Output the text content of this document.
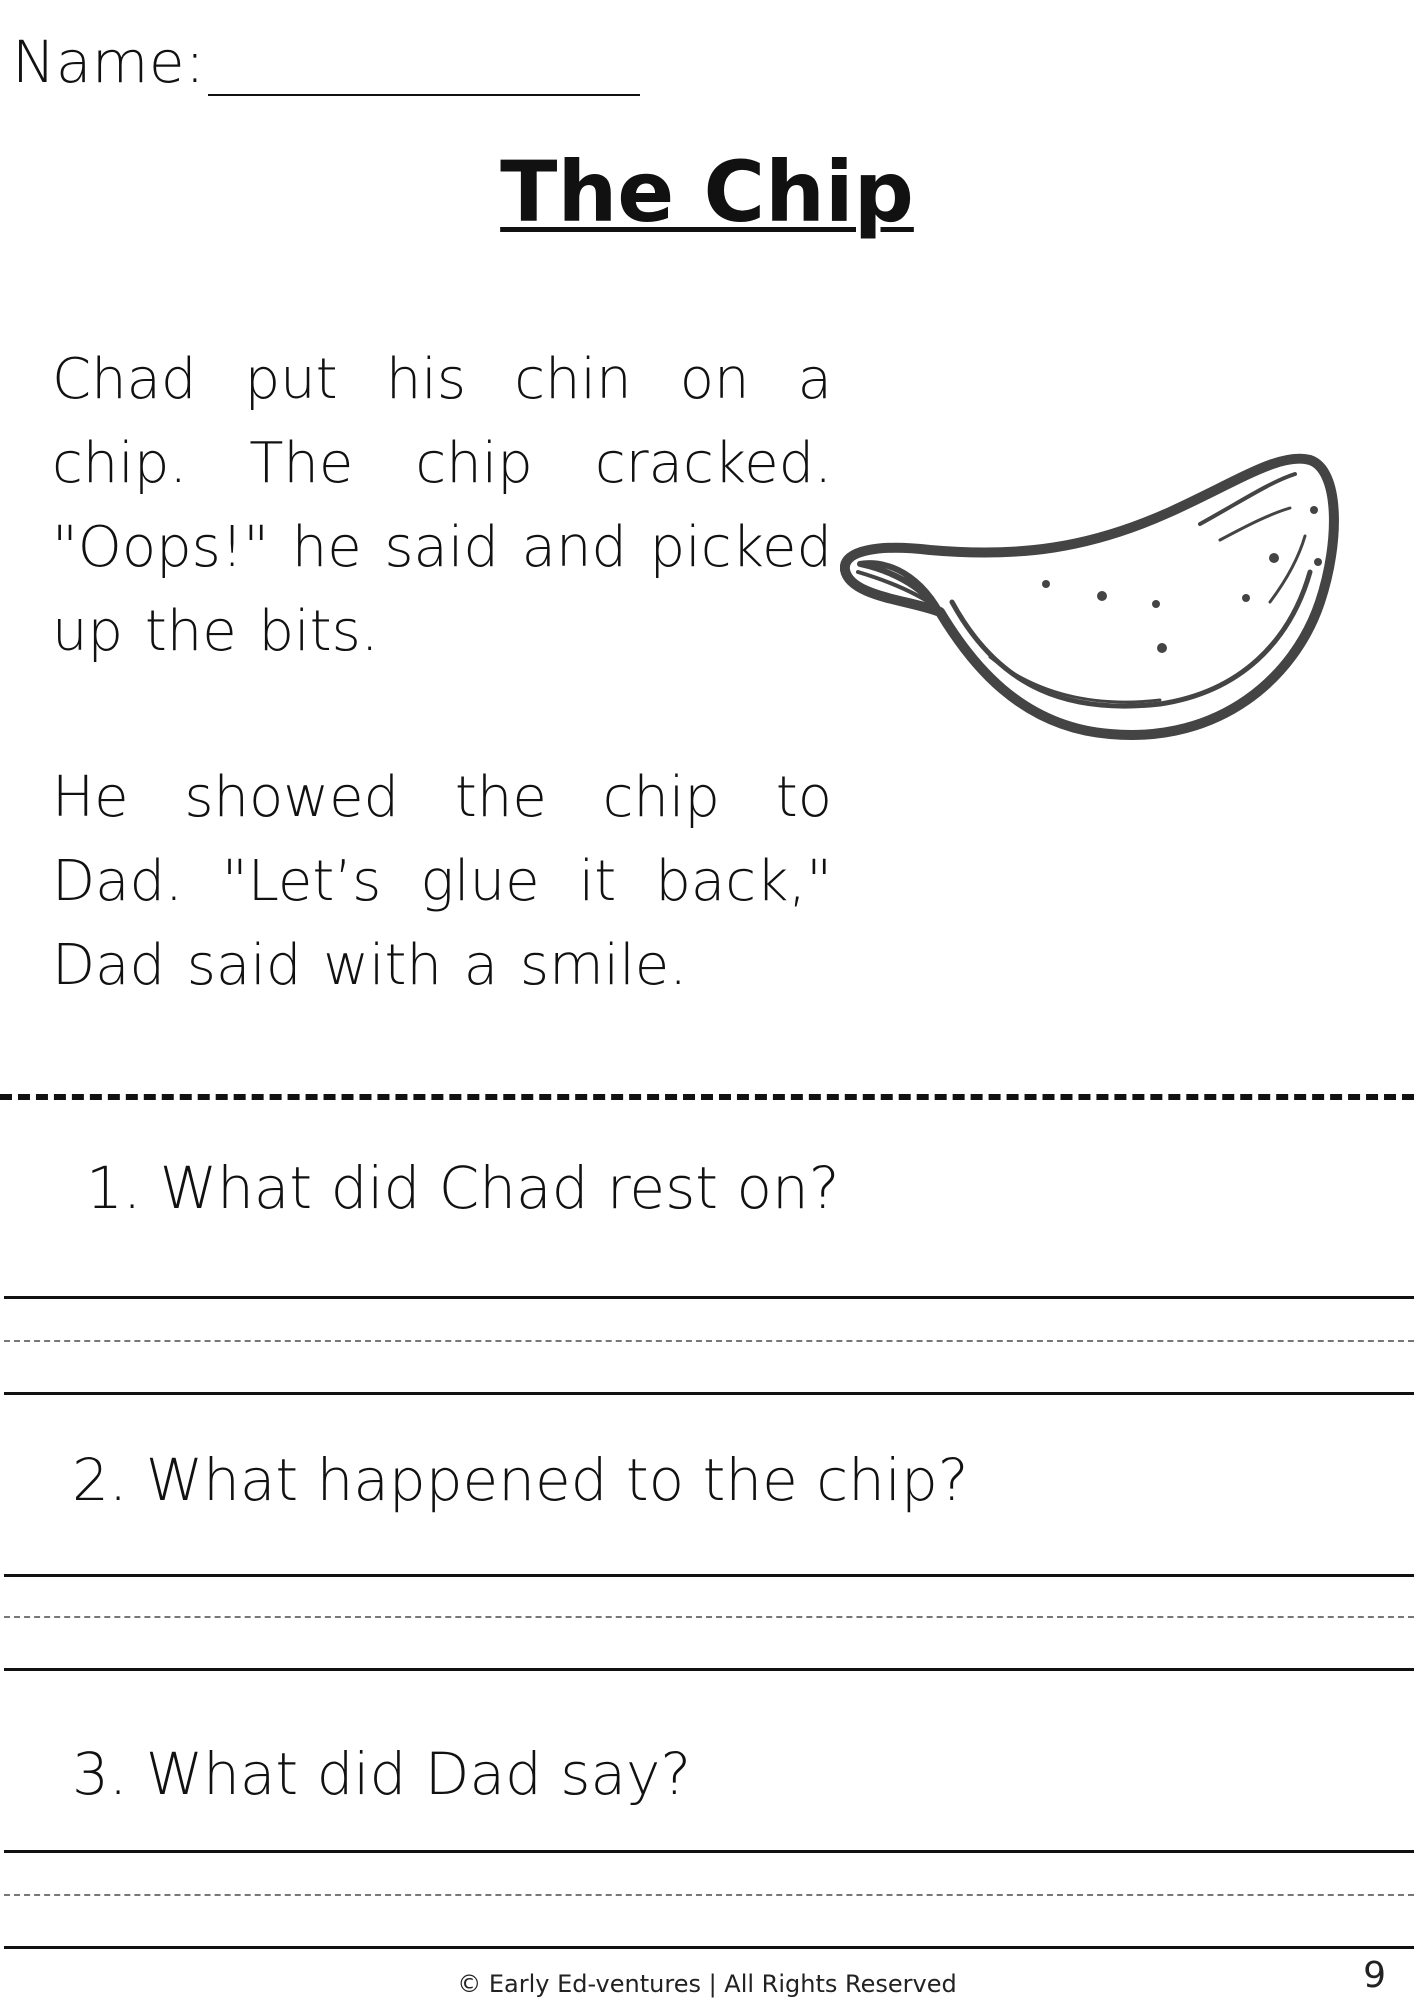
Name:
The Chip
Chad put his chin on a chip. The chip cracked. "Oops!" he said and picked up the bits.
He showed the chip to Dad. "Let’s glue it back," Dad said with a smile.
1. What did Chad rest on?
2. What happened to the chip?
3. What did Dad say?
© Early Ed-ventures | All Rights Reserved	9
